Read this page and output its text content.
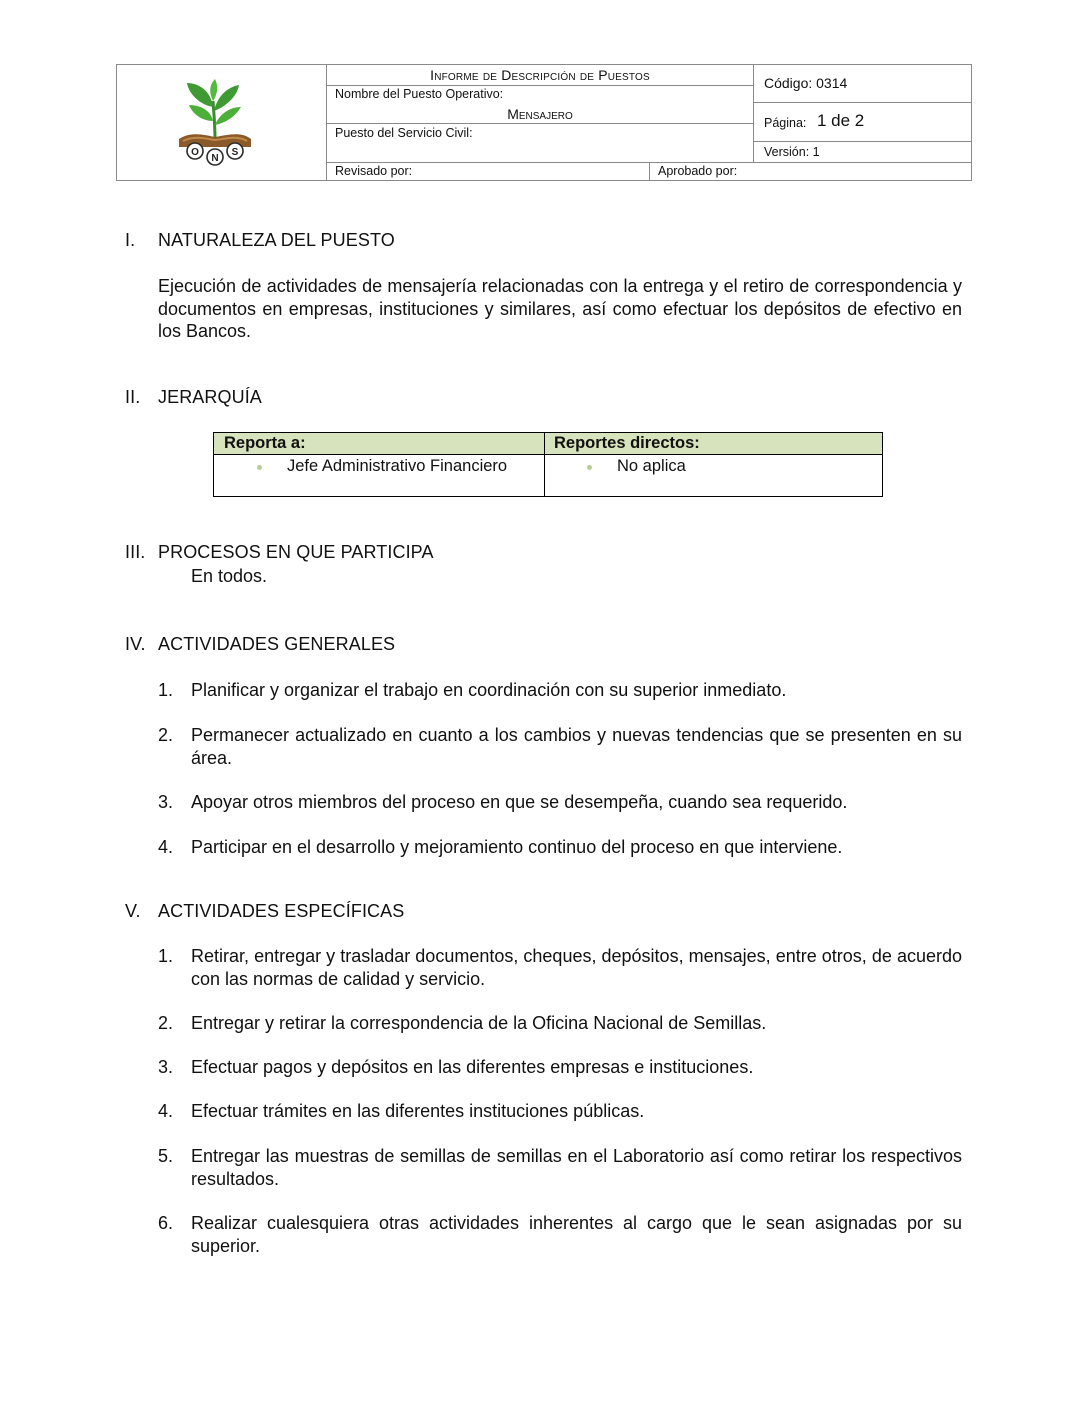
O
N
S
Informe de Descripción de Puestos
Nombre del Puesto Operativo:
Mensajero
Puesto del Servicio Civil:
Código: 0314
Página: 1 de 2
Versión: 1
Revisado por:	Aprobado por:
I. NATURALEZA DEL PUESTO
Ejecución de actividades de mensajería relacionadas con la entrega y el retiro de correspondencia y documentos en empresas, instituciones y similares, así como efectuar los depósitos de efectivo en los Bancos.
II. JERARQUÍA
Reporta a:	Reportes directos:
Jefe Administrativo Financiero	No aplica
III. PROCESOS EN QUE PARTICIPA
En todos.
IV. ACTIVIDADES GENERALES
1. Planificar y organizar el trabajo en coordinación con su superior inmediato.
2. Permanecer actualizado en cuanto a los cambios y nuevas tendencias que se presenten en su área.
3. Apoyar otros miembros del proceso en que se desempeña, cuando sea requerido.
4. Participar en el desarrollo y mejoramiento continuo del proceso en que interviene.
V. ACTIVIDADES ESPECÍFICAS
1. Retirar, entregar y trasladar documentos, cheques, depósitos, mensajes, entre otros, de acuerdo con las normas de calidad y servicio.
2. Entregar y retirar la correspondencia de la Oficina Nacional de Semillas.
3. Efectuar pagos y depósitos en las diferentes empresas e instituciones.
4. Efectuar trámites en las diferentes instituciones públicas.
5. Entregar las muestras de semillas de semillas en el Laboratorio así como retirar los respectivos resultados.
6. Realizar cualesquiera otras actividades inherentes al cargo que le sean asignadas por su superior.
